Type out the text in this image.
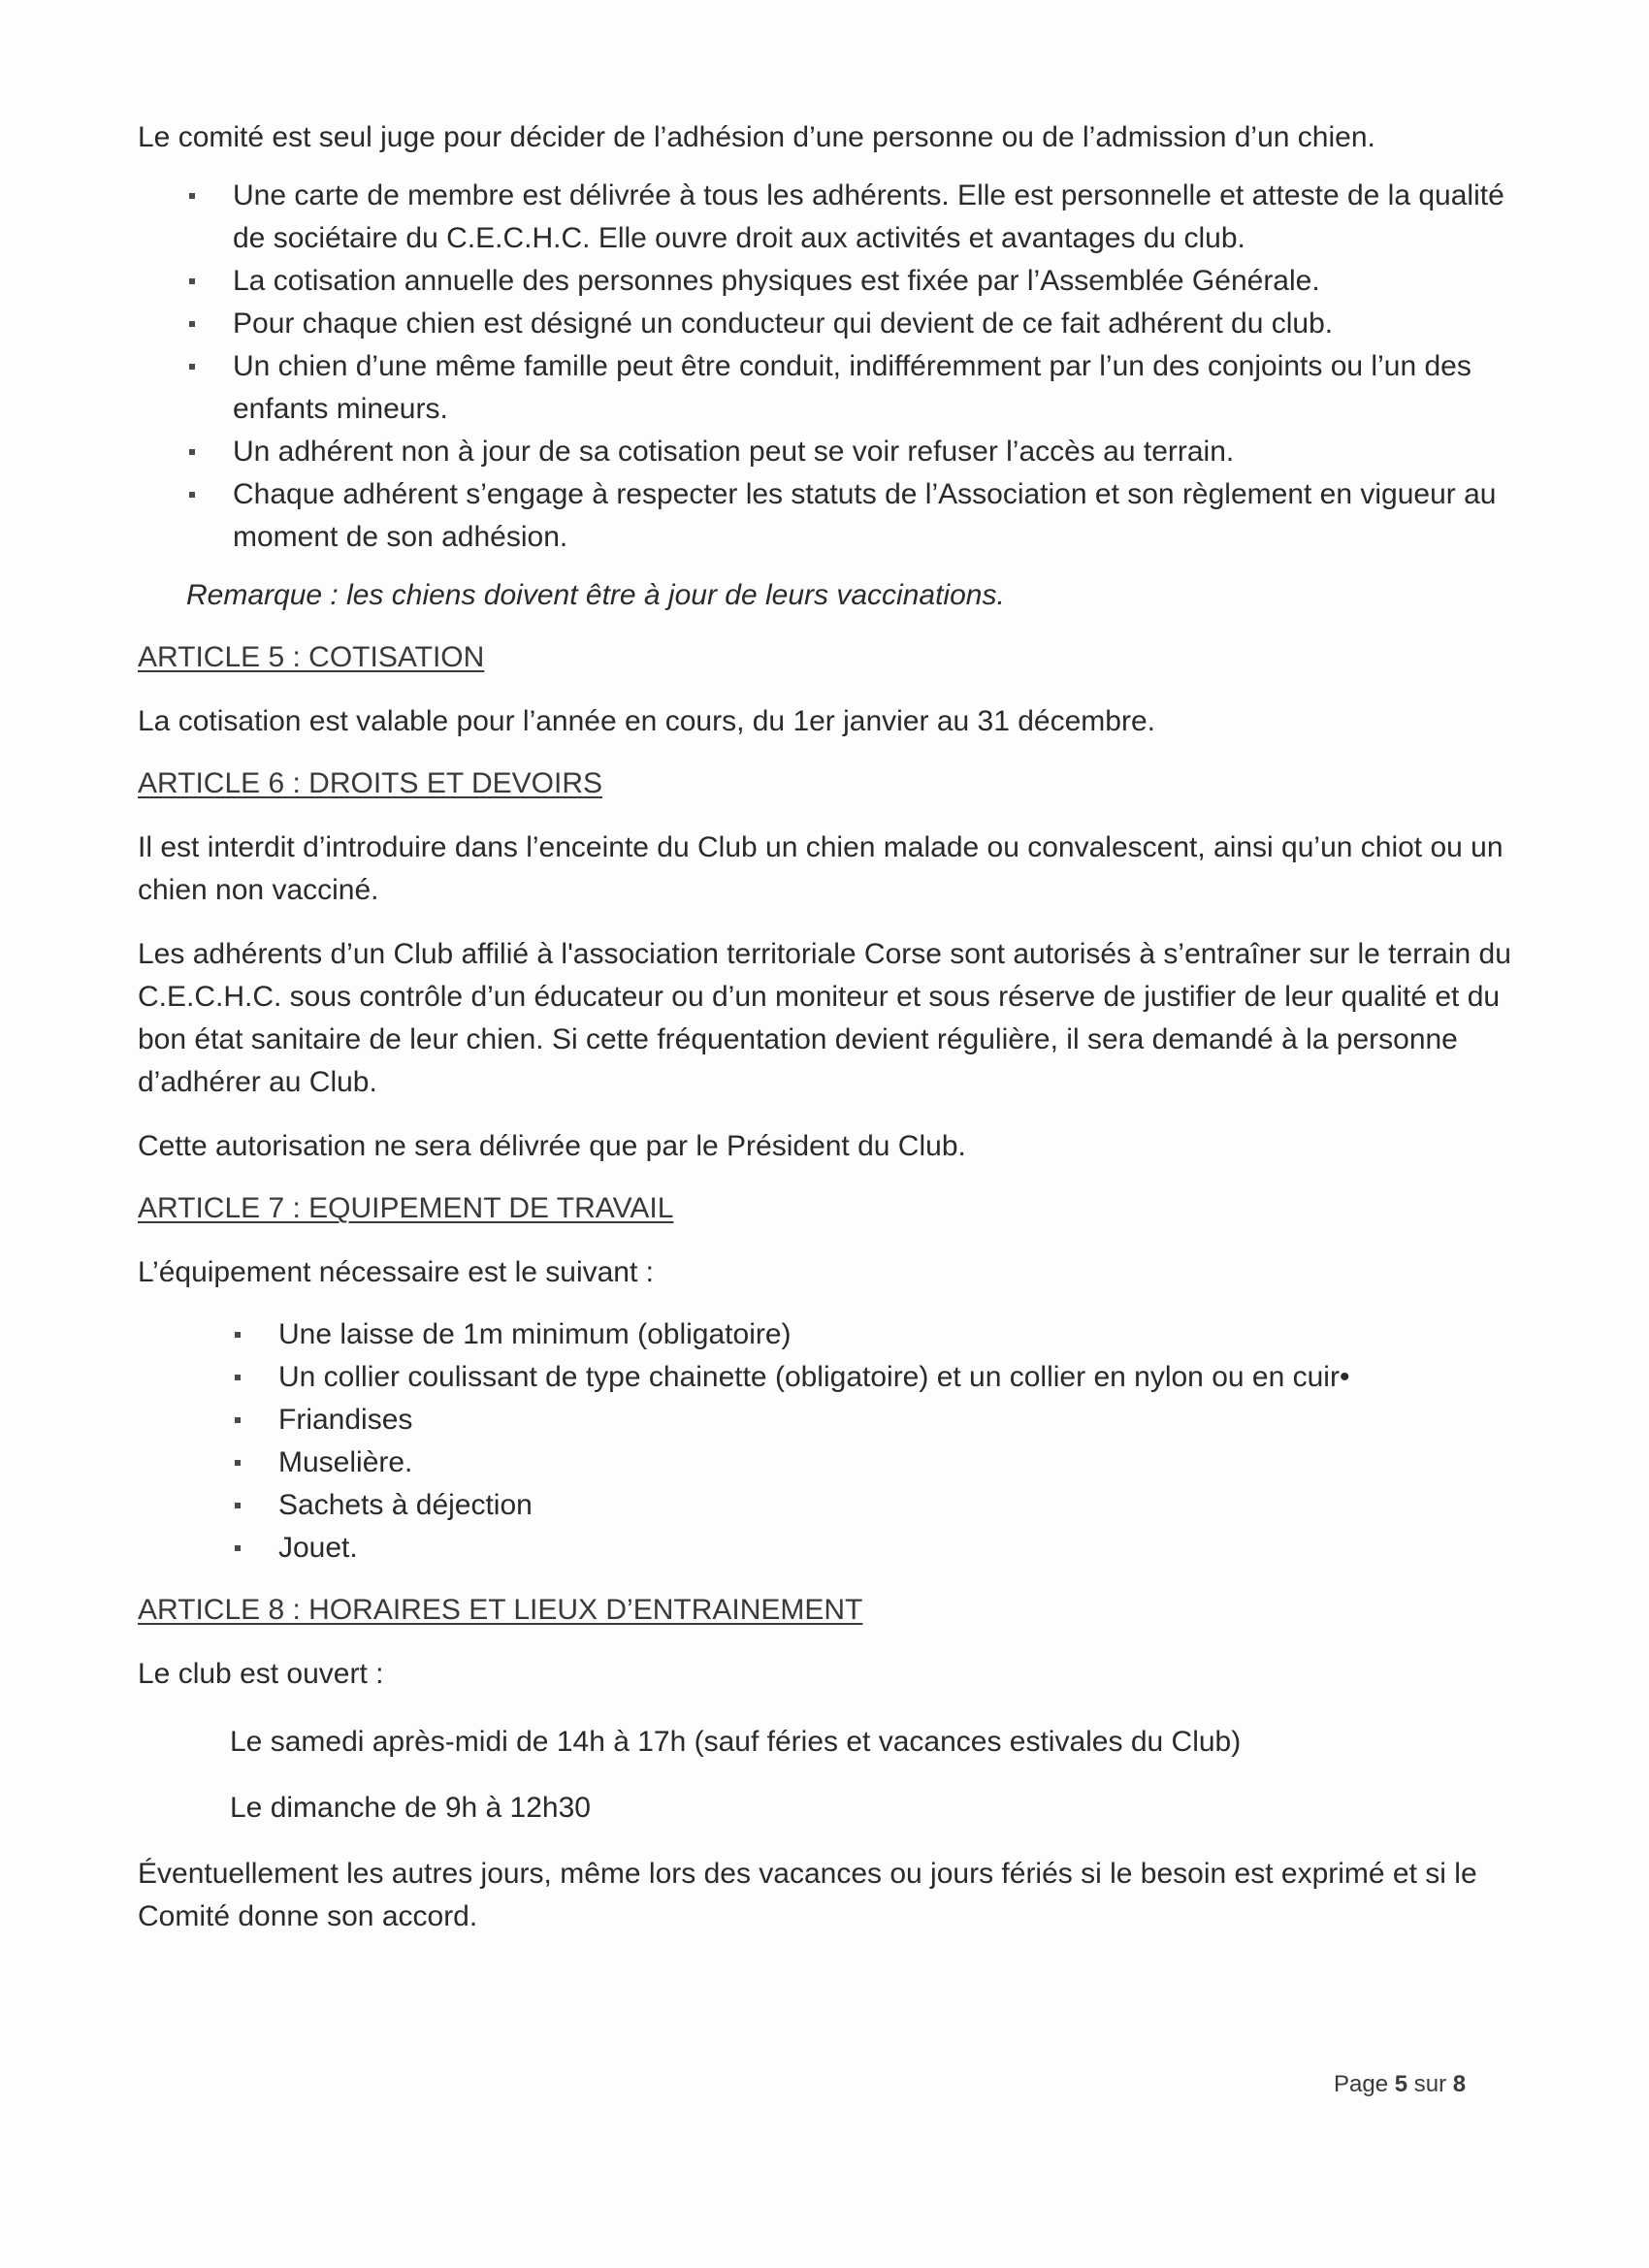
Le comité est seul juge pour décider de l’adhésion d’une personne ou de l’admission d’un chien.

Une carte de membre est délivrée à tous les adhérents. Elle est personnelle et atteste de la qualité de sociétaire du C.E.C.H.C. Elle ouvre droit aux activités et avantages du club.
La cotisation annuelle des personnes physiques est fixée par l’Assemblée Générale.
Pour chaque chien est désigné un conducteur qui devient de ce fait adhérent du club.
Un chien d’une même famille peut être conduit, indifféremment par l’un des conjoints ou l’un des enfants mineurs.
Un adhérent non à jour de sa cotisation peut se voir refuser l’accès au terrain.
Chaque adhérent s’engage à respecter les statuts de l’Association et son règlement en vigueur au moment de son adhésion.

Remarque : les chiens doivent être à jour de leurs vaccinations.

ARTICLE 5 : COTISATION

La cotisation est valable pour l’année en cours, du 1er janvier au 31 décembre.

ARTICLE 6 : DROITS ET DEVOIRS

Il est interdit d’introduire dans l’enceinte du Club un chien malade ou convalescent, ainsi qu’un chiot ou un chien non vacciné.

Les adhérents d’un Club affilié à l'association territoriale Corse sont autorisés à s’entraîner sur le terrain du C.E.C.H.C. sous contrôle d’un éducateur ou d’un moniteur et sous réserve de justifier de leur qualité et du bon état sanitaire de leur chien. Si cette fréquentation devient régulière, il sera demandé à la personne d’adhérer au Club.

Cette autorisation ne sera délivrée que par le Président du Club.

ARTICLE 7 : EQUIPEMENT DE TRAVAIL

L’équipement nécessaire est le suivant :

Une laisse de 1m minimum (obligatoire)
Un collier coulissant de type chainette (obligatoire) et un collier en nylon ou en cuir•
Friandises
Muselière.
Sachets à déjection
Jouet.

ARTICLE 8 : HORAIRES ET LIEUX D’ENTRAINEMENT

Le club est ouvert :

Le samedi après-midi de 14h à 17h (sauf féries et vacances estivales du Club)

Le dimanche de 9h à 12h30

Éventuellement les autres jours, même lors des vacances ou jours fériés si le besoin est exprimé et si le Comité donne son accord.

Page 5 sur 8
